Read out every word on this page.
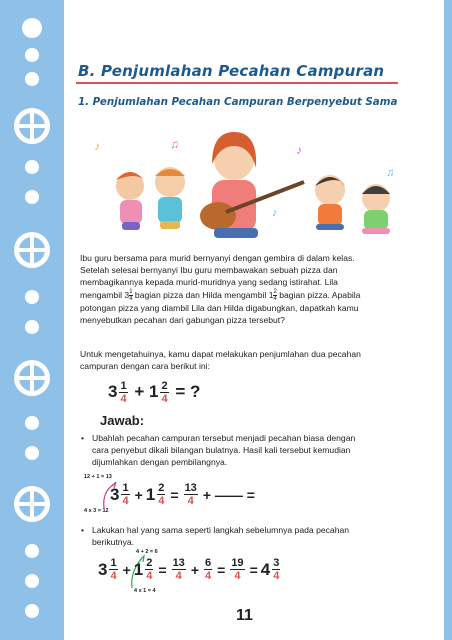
B. Penjumlahan Pecahan Campuran
1. Penjumlahan Pecahan Campuran Berpenyebut Sama
♪	♫	♪
♪
♫
Ibu guru bersama para murid bernyanyi dengan gembira di dalam kelas.
Setelah selesai bernyanyi Ibu guru membawakan sebuah pizza dan
membagikannya kepada murid-muridnya yang sedang istirahat. Lila
mengambil $3 \frac{1}{4}$ bagian pizza dan Hilda mengambil $1 \frac{2}{4}$ bagian pizza. Apabila
potongan pizza yang diambil Lila dan Hilda digabungkan, dapatkah kamu
menyebutkan pecahan dari gabungan pizza tersebut?
Untuk mengetahuinya, kamu dapat melakukan penjumlahan dua pecahan
campuran dengan cara berikut ini:
$3 \frac{1}{4} + 1 \frac{2}{4}$ = ?
Jawab:
• Ubahlah pecahan campuran tersebut menjadi pecahan biasa dengan
cara penyebut dikali bilangan bulatnya. Hasil kali tersebut kemudian
dijumlahkan dengan pembilangnya.
12 + 1 = 13
$3 \frac{1}{4} + 1 \frac{2}{4} = \frac{13}{4}$ + —— =
4 x 3 = 12
• Lakukan hal yang sama seperti langkah sebelumnya pada pecahan
berikutnya.
4 + 2 = 6
$3 \frac{1}{4} + 1 \frac{2}{4} = \frac{13}{4} + \frac{6}{4} = \frac{19}{4} = 4 \frac{3}{4}$
4 x 1 = 4
11
